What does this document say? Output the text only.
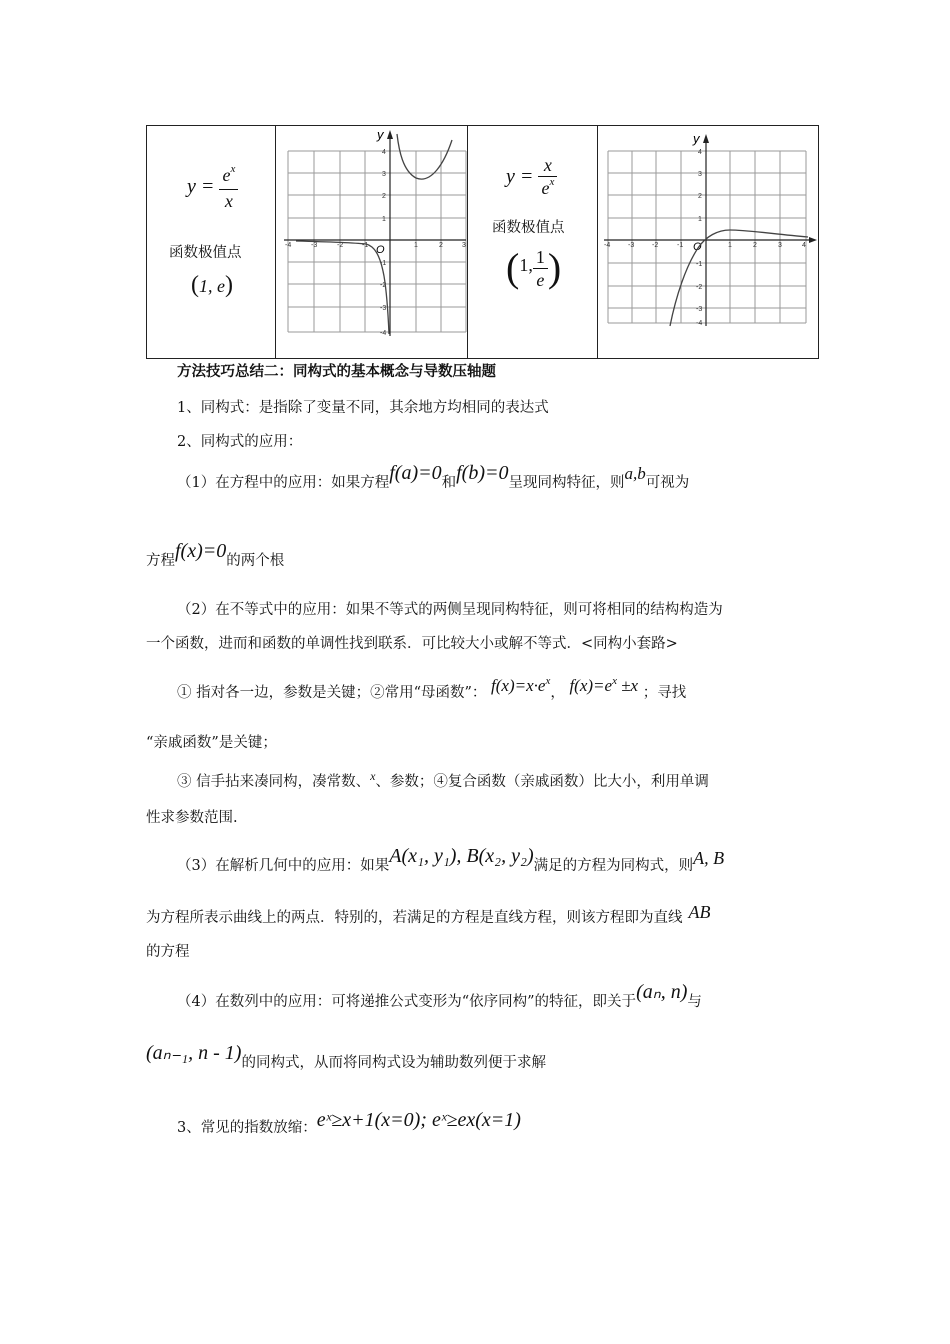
$y = \frac{e^x}{x}$
函数极值点
(1, e)

y
O
-4	-3	-2	-1	1	2	3
4
3
2
1
-1
-2
-3
-4

$y = \frac{x}{e^x}$
函数极值点
(1, $\frac{1}{e}$ )

y
O
-4	-3	-2	-1	1	2	3	4
4
3
2
1
-1
-2
-3
-4
方法技巧总结二：同构式的基本概念与导数压轴题
1、同构式：是指除了变量不同，其余地方均相同的表达式
2、同构式的应用：
（1）在方程中的应用：如果方程f(a)=0和f(b)=0呈现同构特征，则a,b可视为
方程f(x)=0的两个根
（2）在不等式中的应用：如果不等式的两侧呈现同构特征，则可将相同的结构构造为
一个函数，进而和函数的单调性找到联系．可比较大小或解不等式．<同构小套路>
① 指对各一边，参数是关键；②常用“母函数”： $f(x)=x\cdot e^x$， $f(x)=e^x \pm x$ ；寻找
“亲戚函数”是关键；
③ 信手拈来凑同构，凑常数、$^x$、参数；④复合函数（亲戚函数）比大小，利用单调
性求参数范围.
（3）在解析几何中的应用：如果A(x₁, y₁), B(x₂, y₂)满足的方程为同构式，则A, B
为方程所表示曲线上的两点．特别的，若满足的方程是直线方程，则该方程即为直线 AB
的方程
（4）在数列中的应用：可将递推公式变形为“依序同构”的特征，即关于(aₙ, n)与
(aₙ₋₁, n - 1)的同构式，从而将同构式设为辅助数列便于求解
3、常见的指数放缩：eˣ≥x+1(x=0); eˣ≥ex(x=1)
